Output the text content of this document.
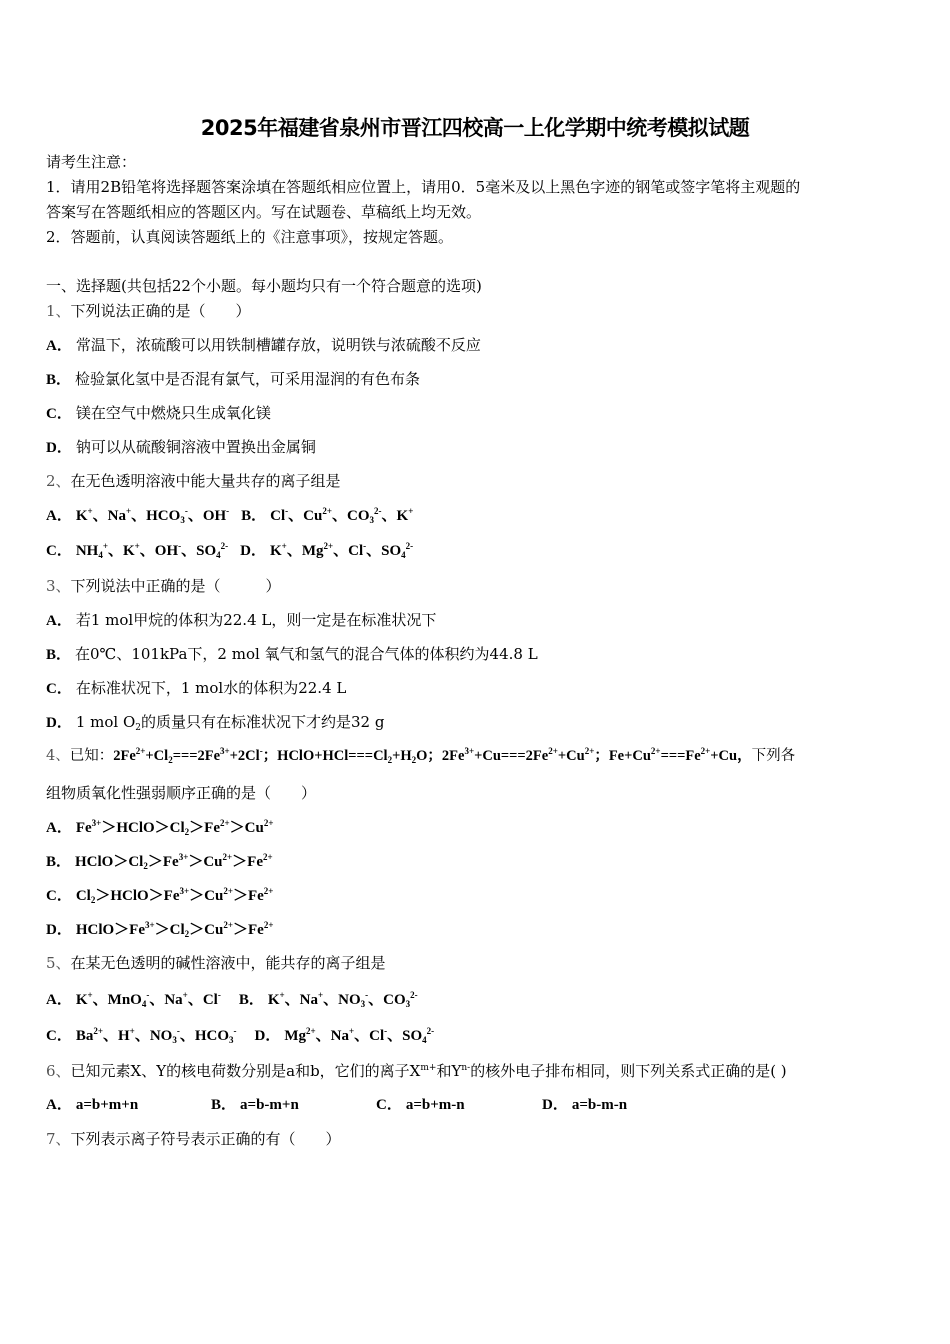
2025年福建省泉州市晋江四校高一上化学期中统考模拟试题
请考生注意：
1．请用2B铅笔将选择题答案涂填在答题纸相应位置上，请用0．5毫米及以上黑色字迹的钢笔或签字笔将主观题的
答案写在答题纸相应的答题区内。写在试题卷、草稿纸上均无效。
2．答题前，认真阅读答题纸上的《注意事项》，按规定答题。
一、选择题(共包括22个小题。每小题均只有一个符合题意的选项)
1、下列说法正确的是（　　）
A． 常温下，浓硫酸可以用铁制槽罐存放，说明铁与浓硫酸不反应
B． 检验氯化氢中是否混有氯气，可采用湿润的有色布条
C． 镁在空气中燃烧只生成氧化镁
D． 钠可以从硫酸铜溶液中置换出金属铜
2、在无色透明溶液中能大量共存的离子组是
A． K+、Na+、$HCO_3^-$、OH- B． Cl-、$Cu^{2+}$、$CO_3^{2-}$、K+
C． $NH_4^+$、K+、OH-、$SO_4^{2-}$ D． K+、$Mg^{2+}$、Cl-、$SO_4^{2-}$
3、下列说法中正确的是（　　　）
A． 若1 mol甲烷的体积为22.4 L，则一定是在标准状况下
B． 在0℃、101kPa下，2 mol 氧气和氢气的混合气体的体积约为44.8 L
C． 在标准状况下，1 mol水的体积为22.4 L
D． 1 mol $O_2$的质量只有在标准状况下才约是32 g
4、已知：$2Fe^{2+}+Cl_2===2Fe^{3+}+2Cl^-$；$HClO+HCl===Cl_2+H_2O$；$2Fe^{3+}+Cu===2Fe^{2+}+Cu^{2+}$；$Fe+Cu^{2+}===Fe^{2+}+Cu$，下列各
组物质氧化性强弱顺序正确的是（　　）
A． $Fe^{3+}>HClO>Cl_2>Fe^{2+}>Cu^{2+}$
B． $HClO>Cl_2>Fe^{3+}>Cu^{2+}>Fe^{2+}$
C． $Cl_2>HClO>Fe^{3+}>Cu^{2+}>Fe^{2+}$
D． $HClO>Fe^{3+}>Cl_2>Cu^{2+}>Fe^{2+}$
5、在某无色透明的碱性溶液中，能共存的离子组是
A． K+、MnO$_4$-、Na+、Cl- B． K+、Na+、$NO_3^-$、$CO_3^{2-}$
C． $Ba^{2+}$、H+、$NO_3^-$、$HCO_3^-$ D． $Mg^{2+}$、Na+、Cl-、$SO_4^{2-}$
6、已知元素X、Y的核电荷数分别是a和b，它们的离子$X^{m+}$和$Y^{n-}$的核外电子排布相同，则下列关系式正确的是( )
A． a=b+m+n	B． a=b-m+n	C． a=b+m-n	D． a=b-m-n
7、下列表示离子符号表示正确的有（　　）
